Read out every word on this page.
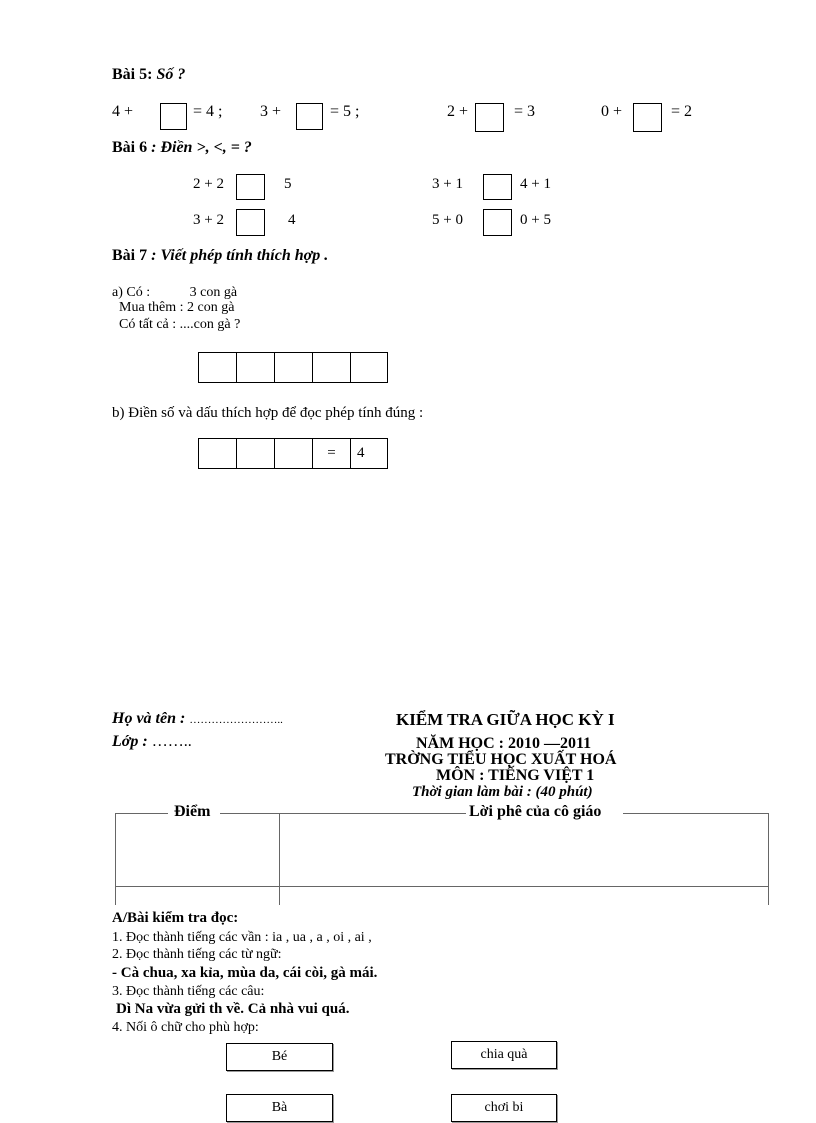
Bài 5: Số ?
4 +	= 4 ; 3 +	= 5 ;	2 +	= 3	0 +	= 2
Bài 6 : Điền >, <, = ?
2 + 2	5	3 + 1	4 + 1
3 + 2	4	5 + 0	0 + 5
Bài 7 : Viết phép tính thích hợp .
a) Có :	3 con gà
Mua thêm : 2 con gà
Có tất cả : ....con gà ?
b) Điền số và dấu thích hợp để đọc phép tính đúng :
=	4
Họ và tên : ……………………..
Lớp : ……..
KIỂM TRA GIỮA HỌC KỲ I
NĂM HỌC : 2010 —2011
TRỜNG TIỂU HỌC XUẤT HOÁ
MÔN : TIẾNG VIỆT 1
Thời gian làm bài : (40 phút)
Điểm	Lời phê của cô giáo
A/Bài kiểm tra đọc:
1. Đọc thành tiếng các vần : ia , ua , a , oi , ai ,
2. Đọc thành tiếng các từ ngữ:
- Cà chua, xa kỉa, mùa da, cái còi, gà mái.
3. Đọc thành tiếng các câu:
Dì Na vừa gửi th về. Cả nhà vui quá.
4. Nối ô chữ cho phù hợp:
Bé	chia quà
Bà	chơi bi
